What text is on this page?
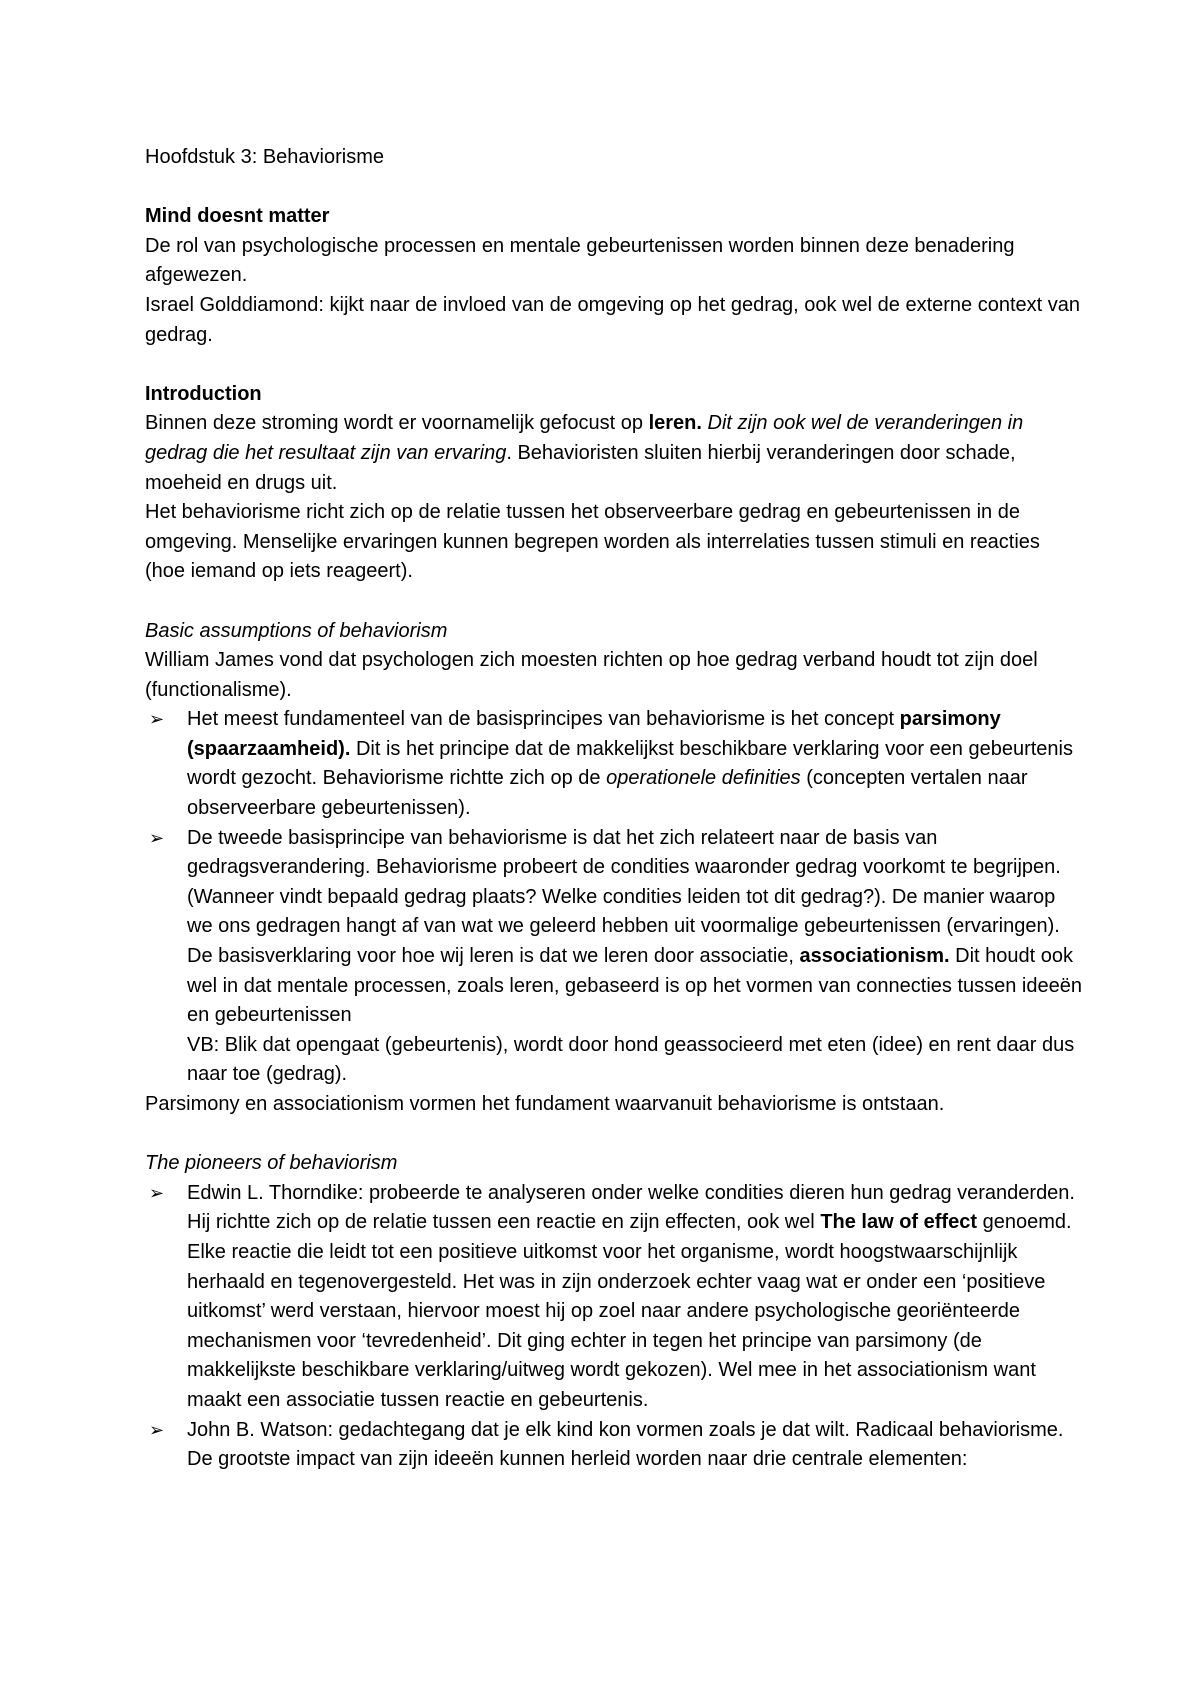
Hoofdstuk 3: Behaviorisme

Mind doesnt matter

De rol van psychologische processen en mentale gebeurtenissen worden binnen deze benadering afgewezen.

Israel Golddiamond: kijkt naar de invloed van de omgeving op het gedrag, ook wel de externe context van gedrag.

Introduction

Binnen deze stroming wordt er voornamelijk gefocust op leren. Dit zijn ook wel de veranderingen in gedrag die het resultaat zijn van ervaring. Behavioristen sluiten hierbij veranderingen door schade, moeheid en drugs uit.

Het behaviorisme richt zich op de relatie tussen het observeerbare gedrag en gebeurtenissen in de omgeving. Menselijke ervaringen kunnen begrepen worden als interrelaties tussen stimuli en reacties (hoe iemand op iets reageert).

Basic assumptions of behaviorism

William James vond dat psychologen zich moesten richten op hoe gedrag verband houdt tot zijn doel (functionalisme).

➢	Het meest fundamenteel van de basisprincipes van behaviorisme is het concept parsimony (spaarzaamheid). Dit is het principe dat de makkelijkst beschikbare verklaring voor een gebeurtenis wordt gezocht. Behaviorisme richtte zich op de operationele definities (concepten vertalen naar observeerbare gebeurtenissen).
➢	De tweede basisprincipe van behaviorisme is dat het zich relateert naar de basis van gedragsverandering. Behaviorisme probeert de condities waaronder gedrag voorkomt te begrijpen. (Wanneer vindt bepaald gedrag plaats? Welke condities leiden tot dit gedrag?). De manier waarop we ons gedragen hangt af van wat we geleerd hebben uit voormalige gebeurtenissen (ervaringen). De basisverklaring voor hoe wij leren is dat we leren door associatie, associationism. Dit houdt ook wel in dat mentale processen, zoals leren, gebaseerd is op het vormen van connecties tussen ideeën en gebeurtenissen
VB: Blik dat opengaat (gebeurtenis), wordt door hond geassocieerd met eten (idee) en rent daar dus naar toe (gedrag).

Parsimony en associationism vormen het fundament waarvanuit behaviorisme is ontstaan.

The pioneers of behaviorism

➢	Edwin L. Thorndike: probeerde te analyseren onder welke condities dieren hun gedrag veranderden. Hij richtte zich op de relatie tussen een reactie en zijn effecten, ook wel The law of effect genoemd. Elke reactie die leidt tot een positieve uitkomst voor het organisme, wordt hoogstwaarschijnlijk herhaald en tegenovergesteld. Het was in zijn onderzoek echter vaag wat er onder een ‘positieve uitkomst’ werd verstaan, hiervoor moest hij op zoel naar andere psychologische georiënteerde mechanismen voor ‘tevredenheid’. Dit ging echter in tegen het principe van parsimony (de makkelijkste beschikbare verklaring/uitweg wordt gekozen). Wel mee in het associationism want maakt een associatie tussen reactie en gebeurtenis.
➢	John B. Watson: gedachtegang dat je elk kind kon vormen zoals je dat wilt. Radicaal behaviorisme. De grootste impact van zijn ideeën kunnen herleid worden naar drie centrale elementen:
